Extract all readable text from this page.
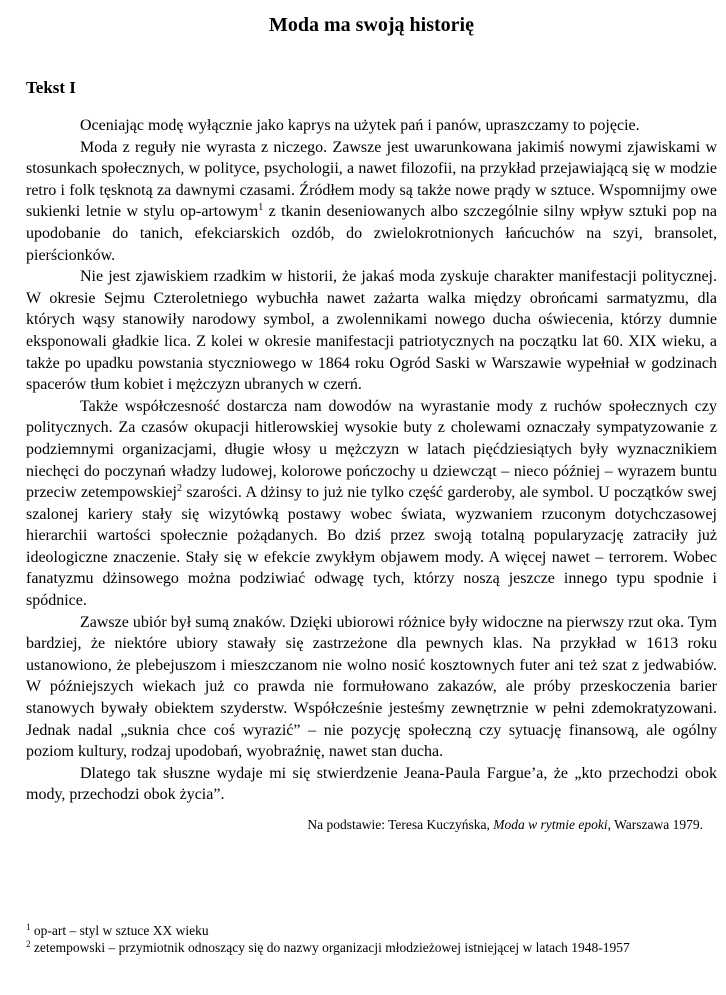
Moda ma swoją historię
Tekst I

Oceniając modę wyłącznie jako kaprys na użytek pań i panów, upraszczamy to pojęcie.

Moda z reguły nie wyrasta z niczego. Zawsze jest uwarunkowana jakimiś nowymi zjawiskami w stosunkach społecznych, w polityce, psychologii, a nawet filozofii, na przykład przejawiającą się w modzie retro i folk tęsknotą za dawnymi czasami. Źródłem mody są także nowe prądy w sztuce. Wspomnijmy owe sukienki letnie w stylu op-artowym$^1$ z tkanin deseniowanych albo szczególnie silny wpływ sztuki pop na upodobanie do tanich, efekciarskich ozdób, do zwielokrotnionych łańcuchów na szyi, bransolet, pierścionków.

Nie jest zjawiskiem rzadkim w historii, że jakaś moda zyskuje charakter manifestacji politycznej. W okresie Sejmu Czteroletniego wybuchła nawet zażarta walka między obrońcami sarmatyzmu, dla których wąsy stanowiły narodowy symbol, a zwolennikami nowego ducha oświecenia, którzy dumnie eksponowali gładkie lica. Z kolei w okresie manifestacji patriotycznych na początku lat 60. XIX wieku, a także po upadku powstania styczniowego w 1864 roku Ogród Saski w Warszawie wypełniał w godzinach spacerów tłum kobiet i mężczyzn ubranych w czerń.

Także współczesność dostarcza nam dowodów na wyrastanie mody z ruchów społecznych czy politycznych. Za czasów okupacji hitlerowskiej wysokie buty z cholewami oznaczały sympatyzowanie z podziemnymi organizacjami, długie włosy u mężczyzn w latach pięćdziesiątych były wyznacznikiem niechęci do poczynań władzy ludowej, kolorowe pończochy u dziewcząt – nieco później – wyrazem buntu przeciw zetempowskiej$^2$ szarości. A dżinsy to już nie tylko część garderoby, ale symbol. U początków swej szalonej kariery stały się wizytówką postawy wobec świata, wyzwaniem rzuconym dotychczasowej hierarchii wartości społecznie pożądanych. Bo dziś przez swoją totalną popularyzację zatraciły już ideologiczne znaczenie. Stały się w efekcie zwykłym objawem mody. A więcej nawet – terrorem. Wobec fanatyzmu dżinsowego można podziwiać odwagę tych, którzy noszą jeszcze innego typu spodnie i spódnice.

Zawsze ubiór był sumą znaków. Dzięki ubiorowi różnice były widoczne na pierwszy rzut oka. Tym bardziej, że niektóre ubiory stawały się zastrzeżone dla pewnych klas. Na przykład w 1613 roku ustanowiono, że plebejuszom i mieszczanom nie wolno nosić kosztownych futer ani też szat z jedwabiów. W późniejszych wiekach już co prawda nie formułowano zakazów, ale próby przeskoczenia barier stanowych bywały obiektem szyderstw. Współcześnie jesteśmy zewnętrznie w pełni zdemokratyzowani. Jednak nadal „suknia chce coś wyrazić” – nie pozycję społeczną czy sytuację finansową, ale ogólny poziom kultury, rodzaj upodobań, wyobraźnię, nawet stan ducha.

Dlatego tak słuszne wydaje mi się stwierdzenie Jeana-Paula Fargue’a, że „kto przechodzi obok mody, przechodzi obok życia”.

Na podstawie: Teresa Kuczyńska, Moda w rytmie epoki, Warszawa 1979.
$^1$ op-art – styl w sztuce XX wieku
$^2$ zetempowski – przymiotnik odnoszący się do nazwy organizacji młodzieżowej istniejącej w latach 1948-1957
